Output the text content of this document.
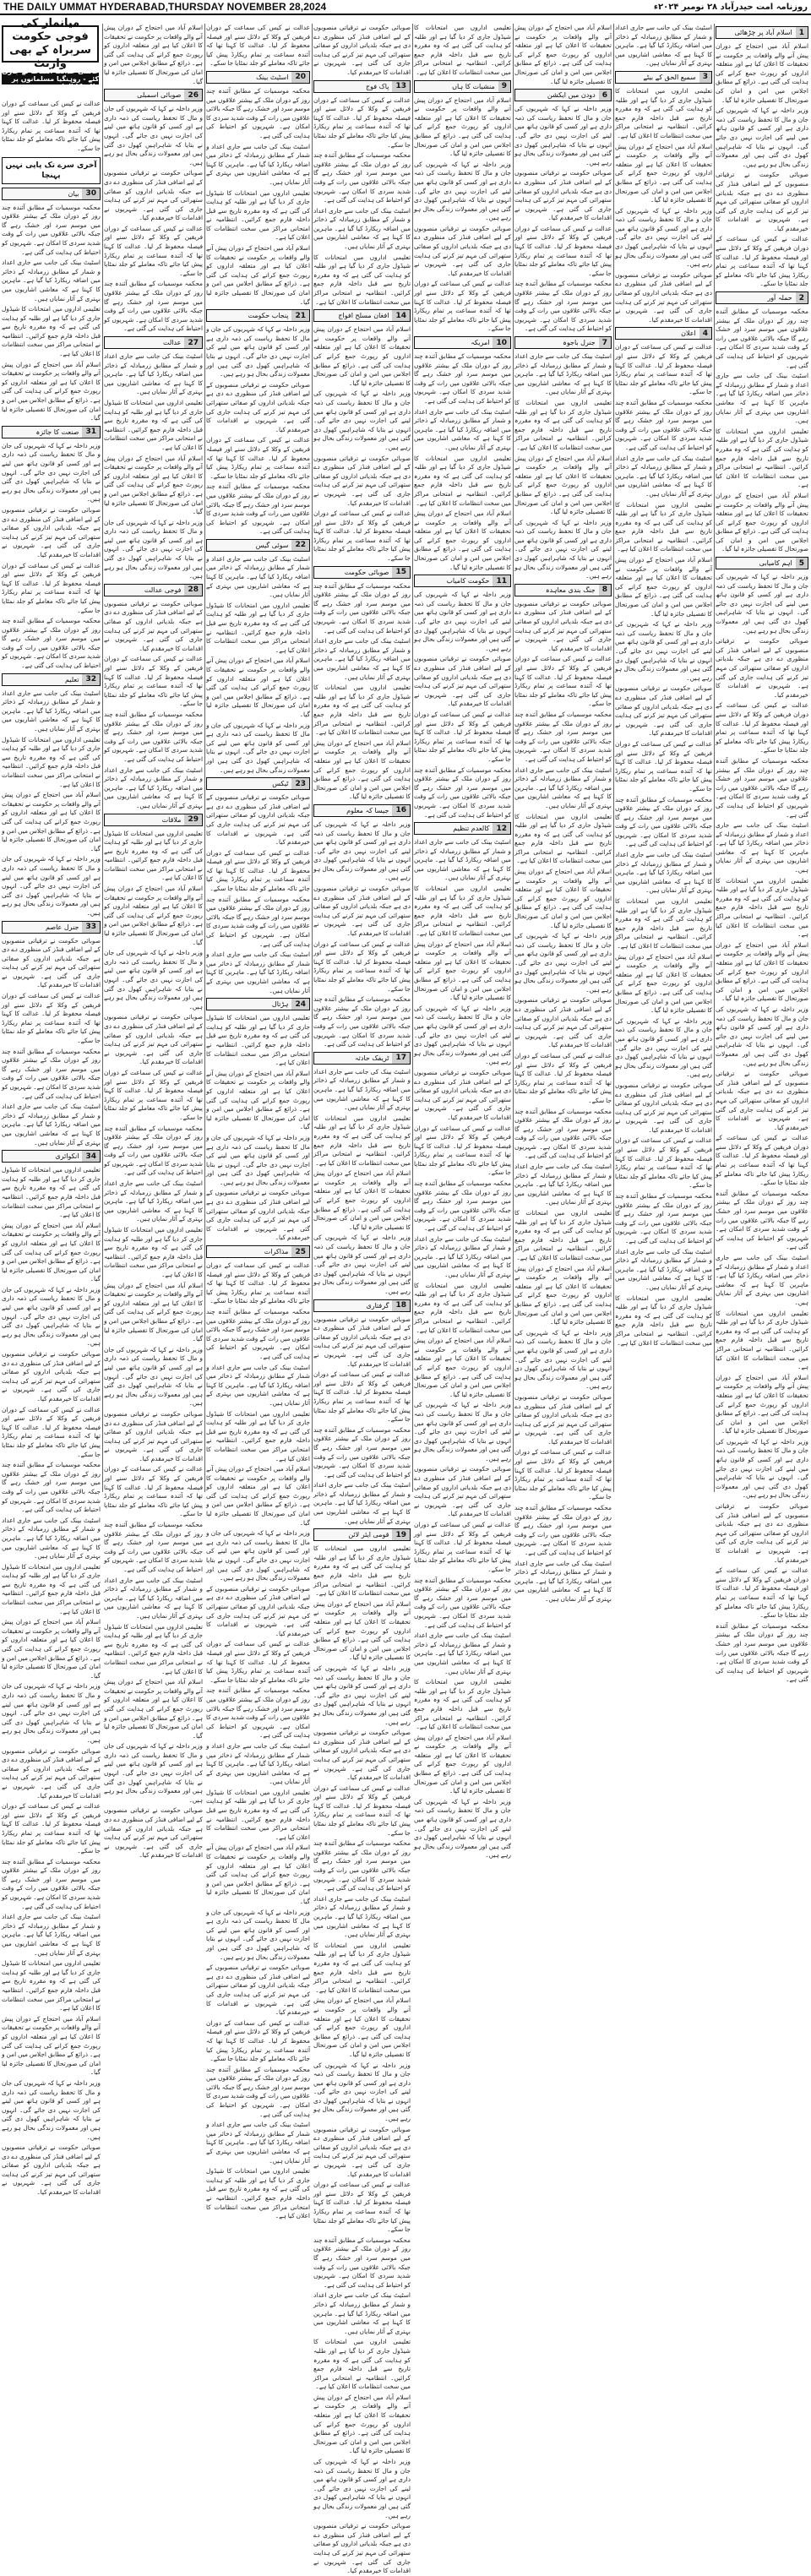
THE DAILY UMMAT HYDERABAD,THURSDAY NOVEMBER 28,2024	روزنامہ امت حیدرآباد ۲۸ نومبر ۲۰۲۴ء
1
اسلام آباد پر چڑھائی
اسلام آباد میں احتجاج کے دوران پیش آنے والے واقعات پر حکومت نے تحقیقات کا اعلان کیا ہے اور متعلقہ اداروں کو رپورٹ جمع کرانے کی ہدایت کی گئی ہے۔ ذرائع کے مطابق اجلاس میں امن و امان کی صورتحال کا تفصیلی جائزہ لیا گیا۔
وزیر داخلہ نے کہا کہ شہریوں کی جان و مال کا تحفظ ریاست کی ذمہ داری ہے اور کسی کو قانون ہاتھ میں لینے کی اجازت نہیں دی جائے گی۔ انہوں نے بتایا کہ شاہراہیں کھول دی گئی ہیں اور معمولات زندگی بحال ہو رہے ہیں۔
صوبائی حکومت نے ترقیاتی منصوبوں کے لیے اضافی فنڈز کی منظوری دے دی ہے جبکہ بلدیاتی اداروں کو صفائی ستھرائی کی مہم تیز کرنے کی ہدایت جاری کی گئی ہے۔ شہریوں نے اقدامات کا خیرمقدم کیا۔
عدالت نے کیس کی سماعت کے دوران فریقین کے وکلا کے دلائل سنے اور فیصلہ محفوظ کر لیا۔ عدالت کا کہنا تھا کہ آئندہ سماعت پر تمام ریکارڈ پیش کیا جائے تاکہ معاملے کو جلد نمٹایا جا سکے۔
2
حملہ آور
محکمہ موسمیات کے مطابق آئندہ چند روز کے دوران ملک کے بیشتر علاقوں میں موسم سرد اور خشک رہے گا جبکہ بالائی علاقوں میں رات کے وقت شدید سردی کا امکان ہے۔ شہریوں کو احتیاط کی ہدایت کی گئی ہے۔
اسٹیٹ بینک کی جانب سے جاری اعداد و شمار کے مطابق زرمبادلہ کے ذخائر میں اضافہ ریکارڈ کیا گیا ہے۔ ماہرین کا کہنا ہے کہ معاشی اشاریوں میں بہتری کے آثار نمایاں ہیں۔
تعلیمی اداروں میں امتحانات کا شیڈول جاری کر دیا گیا ہے اور طلبہ کو ہدایت کی گئی ہے کہ وہ مقررہ تاریخ سے قبل داخلہ فارم جمع کرائیں۔ انتظامیہ نے امتحانی مراکز میں سخت انتظامات کا اعلان کیا ہے۔
اسلام آباد میں احتجاج کے دوران پیش آنے والے واقعات پر حکومت نے تحقیقات کا اعلان کیا ہے اور متعلقہ اداروں کو رپورٹ جمع کرانے کی ہدایت کی گئی ہے۔ ذرائع کے مطابق اجلاس میں امن و امان کی صورتحال کا تفصیلی جائزہ لیا گیا۔
5
اہم کامیابی
وزیر داخلہ نے کہا کہ شہریوں کی جان و مال کا تحفظ ریاست کی ذمہ داری ہے اور کسی کو قانون ہاتھ میں لینے کی اجازت نہیں دی جائے گی۔ انہوں نے بتایا کہ شاہراہیں کھول دی گئی ہیں اور معمولات زندگی بحال ہو رہے ہیں۔
صوبائی حکومت نے ترقیاتی منصوبوں کے لیے اضافی فنڈز کی منظوری دے دی ہے جبکہ بلدیاتی اداروں کو صفائی ستھرائی کی مہم تیز کرنے کی ہدایت جاری کی گئی ہے۔ شہریوں نے اقدامات کا خیرمقدم کیا۔
عدالت نے کیس کی سماعت کے دوران فریقین کے وکلا کے دلائل سنے اور فیصلہ محفوظ کر لیا۔ عدالت کا کہنا تھا کہ آئندہ سماعت پر تمام ریکارڈ پیش کیا جائے تاکہ معاملے کو جلد نمٹایا جا سکے۔
محکمہ موسمیات کے مطابق آئندہ چند روز کے دوران ملک کے بیشتر علاقوں میں موسم سرد اور خشک رہے گا جبکہ بالائی علاقوں میں رات کے وقت شدید سردی کا امکان ہے۔ شہریوں کو احتیاط کی ہدایت کی گئی ہے۔
اسٹیٹ بینک کی جانب سے جاری اعداد و شمار کے مطابق زرمبادلہ کے ذخائر میں اضافہ ریکارڈ کیا گیا ہے۔ ماہرین کا کہنا ہے کہ معاشی اشاریوں میں بہتری کے آثار نمایاں ہیں۔
تعلیمی اداروں میں امتحانات کا شیڈول جاری کر دیا گیا ہے اور طلبہ کو ہدایت کی گئی ہے کہ وہ مقررہ تاریخ سے قبل داخلہ فارم جمع کرائیں۔ انتظامیہ نے امتحانی مراکز میں سخت انتظامات کا اعلان کیا ہے۔
اسلام آباد میں احتجاج کے دوران پیش آنے والے واقعات پر حکومت نے تحقیقات کا اعلان کیا ہے اور متعلقہ اداروں کو رپورٹ جمع کرانے کی ہدایت کی گئی ہے۔ ذرائع کے مطابق اجلاس میں امن و امان کی صورتحال کا تفصیلی جائزہ لیا گیا۔
وزیر داخلہ نے کہا کہ شہریوں کی جان و مال کا تحفظ ریاست کی ذمہ داری ہے اور کسی کو قانون ہاتھ میں لینے کی اجازت نہیں دی جائے گی۔ انہوں نے بتایا کہ شاہراہیں کھول دی گئی ہیں اور معمولات زندگی بحال ہو رہے ہیں۔
صوبائی حکومت نے ترقیاتی منصوبوں کے لیے اضافی فنڈز کی منظوری دے دی ہے جبکہ بلدیاتی اداروں کو صفائی ستھرائی کی مہم تیز کرنے کی ہدایت جاری کی گئی ہے۔ شہریوں نے اقدامات کا خیرمقدم کیا۔
عدالت نے کیس کی سماعت کے دوران فریقین کے وکلا کے دلائل سنے اور فیصلہ محفوظ کر لیا۔ عدالت کا کہنا تھا کہ آئندہ سماعت پر تمام ریکارڈ پیش کیا جائے تاکہ معاملے کو جلد نمٹایا جا سکے۔
محکمہ موسمیات کے مطابق آئندہ چند روز کے دوران ملک کے بیشتر علاقوں میں موسم سرد اور خشک رہے گا جبکہ بالائی علاقوں میں رات کے وقت شدید سردی کا امکان ہے۔ شہریوں کو احتیاط کی ہدایت کی گئی ہے۔
اسٹیٹ بینک کی جانب سے جاری اعداد و شمار کے مطابق زرمبادلہ کے ذخائر میں اضافہ ریکارڈ کیا گیا ہے۔ ماہرین کا کہنا ہے کہ معاشی اشاریوں میں بہتری کے آثار نمایاں ہیں۔
تعلیمی اداروں میں امتحانات کا شیڈول جاری کر دیا گیا ہے اور طلبہ کو ہدایت کی گئی ہے کہ وہ مقررہ تاریخ سے قبل داخلہ فارم جمع کرائیں۔ انتظامیہ نے امتحانی مراکز میں سخت انتظامات کا اعلان کیا ہے۔
اسلام آباد میں احتجاج کے دوران پیش آنے والے واقعات پر حکومت نے تحقیقات کا اعلان کیا ہے اور متعلقہ اداروں کو رپورٹ جمع کرانے کی ہدایت کی گئی ہے۔ ذرائع کے مطابق اجلاس میں امن و امان کی صورتحال کا تفصیلی جائزہ لیا گیا۔
وزیر داخلہ نے کہا کہ شہریوں کی جان و مال کا تحفظ ریاست کی ذمہ داری ہے اور کسی کو قانون ہاتھ میں لینے کی اجازت نہیں دی جائے گی۔ انہوں نے بتایا کہ شاہراہیں کھول دی گئی ہیں اور معمولات زندگی بحال ہو رہے ہیں۔
صوبائی حکومت نے ترقیاتی منصوبوں کے لیے اضافی فنڈز کی منظوری دے دی ہے جبکہ بلدیاتی اداروں کو صفائی ستھرائی کی مہم تیز کرنے کی ہدایت جاری کی گئی ہے۔ شہریوں نے اقدامات کا خیرمقدم کیا۔
عدالت نے کیس کی سماعت کے دوران فریقین کے وکلا کے دلائل سنے اور فیصلہ محفوظ کر لیا۔ عدالت کا کہنا تھا کہ آئندہ سماعت پر تمام ریکارڈ پیش کیا جائے تاکہ معاملے کو جلد نمٹایا جا سکے۔
محکمہ موسمیات کے مطابق آئندہ چند روز کے دوران ملک کے بیشتر علاقوں میں موسم سرد اور خشک رہے گا جبکہ بالائی علاقوں میں رات کے وقت شدید سردی کا امکان ہے۔ شہریوں کو احتیاط کی ہدایت کی گئی ہے۔
اسٹیٹ بینک کی جانب سے جاری اعداد و شمار کے مطابق زرمبادلہ کے ذخائر میں اضافہ ریکارڈ کیا گیا ہے۔ ماہرین کا کہنا ہے کہ معاشی اشاریوں میں بہتری کے آثار نمایاں ہیں۔
3
سمیع الحق کے بیٹے
تعلیمی اداروں میں امتحانات کا شیڈول جاری کر دیا گیا ہے اور طلبہ کو ہدایت کی گئی ہے کہ وہ مقررہ تاریخ سے قبل داخلہ فارم جمع کرائیں۔ انتظامیہ نے امتحانی مراکز میں سخت انتظامات کا اعلان کیا ہے۔
اسلام آباد میں احتجاج کے دوران پیش آنے والے واقعات پر حکومت نے تحقیقات کا اعلان کیا ہے اور متعلقہ اداروں کو رپورٹ جمع کرانے کی ہدایت کی گئی ہے۔ ذرائع کے مطابق اجلاس میں امن و امان کی صورتحال کا تفصیلی جائزہ لیا گیا۔
وزیر داخلہ نے کہا کہ شہریوں کی جان و مال کا تحفظ ریاست کی ذمہ داری ہے اور کسی کو قانون ہاتھ میں لینے کی اجازت نہیں دی جائے گی۔ انہوں نے بتایا کہ شاہراہیں کھول دی گئی ہیں اور معمولات زندگی بحال ہو رہے ہیں۔
صوبائی حکومت نے ترقیاتی منصوبوں کے لیے اضافی فنڈز کی منظوری دے دی ہے جبکہ بلدیاتی اداروں کو صفائی ستھرائی کی مہم تیز کرنے کی ہدایت جاری کی گئی ہے۔ شہریوں نے اقدامات کا خیرمقدم کیا۔
4
اعلان
عدالت نے کیس کی سماعت کے دوران فریقین کے وکلا کے دلائل سنے اور فیصلہ محفوظ کر لیا۔ عدالت کا کہنا تھا کہ آئندہ سماعت پر تمام ریکارڈ پیش کیا جائے تاکہ معاملے کو جلد نمٹایا جا سکے۔
محکمہ موسمیات کے مطابق آئندہ چند روز کے دوران ملک کے بیشتر علاقوں میں موسم سرد اور خشک رہے گا جبکہ بالائی علاقوں میں رات کے وقت شدید سردی کا امکان ہے۔ شہریوں کو احتیاط کی ہدایت کی گئی ہے۔
اسٹیٹ بینک کی جانب سے جاری اعداد و شمار کے مطابق زرمبادلہ کے ذخائر میں اضافہ ریکارڈ کیا گیا ہے۔ ماہرین کا کہنا ہے کہ معاشی اشاریوں میں بہتری کے آثار نمایاں ہیں۔
تعلیمی اداروں میں امتحانات کا شیڈول جاری کر دیا گیا ہے اور طلبہ کو ہدایت کی گئی ہے کہ وہ مقررہ تاریخ سے قبل داخلہ فارم جمع کرائیں۔ انتظامیہ نے امتحانی مراکز میں سخت انتظامات کا اعلان کیا ہے۔
اسلام آباد میں احتجاج کے دوران پیش آنے والے واقعات پر حکومت نے تحقیقات کا اعلان کیا ہے اور متعلقہ اداروں کو رپورٹ جمع کرانے کی ہدایت کی گئی ہے۔ ذرائع کے مطابق اجلاس میں امن و امان کی صورتحال کا تفصیلی جائزہ لیا گیا۔
وزیر داخلہ نے کہا کہ شہریوں کی جان و مال کا تحفظ ریاست کی ذمہ داری ہے اور کسی کو قانون ہاتھ میں لینے کی اجازت نہیں دی جائے گی۔ انہوں نے بتایا کہ شاہراہیں کھول دی گئی ہیں اور معمولات زندگی بحال ہو رہے ہیں۔
صوبائی حکومت نے ترقیاتی منصوبوں کے لیے اضافی فنڈز کی منظوری دے دی ہے جبکہ بلدیاتی اداروں کو صفائی ستھرائی کی مہم تیز کرنے کی ہدایت جاری کی گئی ہے۔ شہریوں نے اقدامات کا خیرمقدم کیا۔
عدالت نے کیس کی سماعت کے دوران فریقین کے وکلا کے دلائل سنے اور فیصلہ محفوظ کر لیا۔ عدالت کا کہنا تھا کہ آئندہ سماعت پر تمام ریکارڈ پیش کیا جائے تاکہ معاملے کو جلد نمٹایا جا سکے۔
محکمہ موسمیات کے مطابق آئندہ چند روز کے دوران ملک کے بیشتر علاقوں میں موسم سرد اور خشک رہے گا جبکہ بالائی علاقوں میں رات کے وقت شدید سردی کا امکان ہے۔ شہریوں کو احتیاط کی ہدایت کی گئی ہے۔
اسٹیٹ بینک کی جانب سے جاری اعداد و شمار کے مطابق زرمبادلہ کے ذخائر میں اضافہ ریکارڈ کیا گیا ہے۔ ماہرین کا کہنا ہے کہ معاشی اشاریوں میں بہتری کے آثار نمایاں ہیں۔
تعلیمی اداروں میں امتحانات کا شیڈول جاری کر دیا گیا ہے اور طلبہ کو ہدایت کی گئی ہے کہ وہ مقررہ تاریخ سے قبل داخلہ فارم جمع کرائیں۔ انتظامیہ نے امتحانی مراکز میں سخت انتظامات کا اعلان کیا ہے۔
اسلام آباد میں احتجاج کے دوران پیش آنے والے واقعات پر حکومت نے تحقیقات کا اعلان کیا ہے اور متعلقہ اداروں کو رپورٹ جمع کرانے کی ہدایت کی گئی ہے۔ ذرائع کے مطابق اجلاس میں امن و امان کی صورتحال کا تفصیلی جائزہ لیا گیا۔
وزیر داخلہ نے کہا کہ شہریوں کی جان و مال کا تحفظ ریاست کی ذمہ داری ہے اور کسی کو قانون ہاتھ میں لینے کی اجازت نہیں دی جائے گی۔ انہوں نے بتایا کہ شاہراہیں کھول دی گئی ہیں اور معمولات زندگی بحال ہو رہے ہیں۔
صوبائی حکومت نے ترقیاتی منصوبوں کے لیے اضافی فنڈز کی منظوری دے دی ہے جبکہ بلدیاتی اداروں کو صفائی ستھرائی کی مہم تیز کرنے کی ہدایت جاری کی گئی ہے۔ شہریوں نے اقدامات کا خیرمقدم کیا۔
عدالت نے کیس کی سماعت کے دوران فریقین کے وکلا کے دلائل سنے اور فیصلہ محفوظ کر لیا۔ عدالت کا کہنا تھا کہ آئندہ سماعت پر تمام ریکارڈ پیش کیا جائے تاکہ معاملے کو جلد نمٹایا جا سکے۔
محکمہ موسمیات کے مطابق آئندہ چند روز کے دوران ملک کے بیشتر علاقوں میں موسم سرد اور خشک رہے گا جبکہ بالائی علاقوں میں رات کے وقت شدید سردی کا امکان ہے۔ شہریوں کو احتیاط کی ہدایت کی گئی ہے۔
اسٹیٹ بینک کی جانب سے جاری اعداد و شمار کے مطابق زرمبادلہ کے ذخائر میں اضافہ ریکارڈ کیا گیا ہے۔ ماہرین کا کہنا ہے کہ معاشی اشاریوں میں بہتری کے آثار نمایاں ہیں۔
تعلیمی اداروں میں امتحانات کا شیڈول جاری کر دیا گیا ہے اور طلبہ کو ہدایت کی گئی ہے کہ وہ مقررہ تاریخ سے قبل داخلہ فارم جمع کرائیں۔ انتظامیہ نے امتحانی مراکز میں سخت انتظامات کا اعلان کیا ہے۔
اسلام آباد میں احتجاج کے دوران پیش آنے والے واقعات پر حکومت نے تحقیقات کا اعلان کیا ہے اور متعلقہ اداروں کو رپورٹ جمع کرانے کی ہدایت کی گئی ہے۔ ذرائع کے مطابق اجلاس میں امن و امان کی صورتحال کا تفصیلی جائزہ لیا گیا۔
6
دودن میں ایکشن
وزیر داخلہ نے کہا کہ شہریوں کی جان و مال کا تحفظ ریاست کی ذمہ داری ہے اور کسی کو قانون ہاتھ میں لینے کی اجازت نہیں دی جائے گی۔ انہوں نے بتایا کہ شاہراہیں کھول دی گئی ہیں اور معمولات زندگی بحال ہو رہے ہیں۔
صوبائی حکومت نے ترقیاتی منصوبوں کے لیے اضافی فنڈز کی منظوری دے دی ہے جبکہ بلدیاتی اداروں کو صفائی ستھرائی کی مہم تیز کرنے کی ہدایت جاری کی گئی ہے۔ شہریوں نے اقدامات کا خیرمقدم کیا۔
عدالت نے کیس کی سماعت کے دوران فریقین کے وکلا کے دلائل سنے اور فیصلہ محفوظ کر لیا۔ عدالت کا کہنا تھا کہ آئندہ سماعت پر تمام ریکارڈ پیش کیا جائے تاکہ معاملے کو جلد نمٹایا جا سکے۔
محکمہ موسمیات کے مطابق آئندہ چند روز کے دوران ملک کے بیشتر علاقوں میں موسم سرد اور خشک رہے گا جبکہ بالائی علاقوں میں رات کے وقت شدید سردی کا امکان ہے۔ شہریوں کو احتیاط کی ہدایت کی گئی ہے۔
7
جنرل باجوہ
اسٹیٹ بینک کی جانب سے جاری اعداد و شمار کے مطابق زرمبادلہ کے ذخائر میں اضافہ ریکارڈ کیا گیا ہے۔ ماہرین کا کہنا ہے کہ معاشی اشاریوں میں بہتری کے آثار نمایاں ہیں۔
تعلیمی اداروں میں امتحانات کا شیڈول جاری کر دیا گیا ہے اور طلبہ کو ہدایت کی گئی ہے کہ وہ مقررہ تاریخ سے قبل داخلہ فارم جمع کرائیں۔ انتظامیہ نے امتحانی مراکز میں سخت انتظامات کا اعلان کیا ہے۔
اسلام آباد میں احتجاج کے دوران پیش آنے والے واقعات پر حکومت نے تحقیقات کا اعلان کیا ہے اور متعلقہ اداروں کو رپورٹ جمع کرانے کی ہدایت کی گئی ہے۔ ذرائع کے مطابق اجلاس میں امن و امان کی صورتحال کا تفصیلی جائزہ لیا گیا۔
وزیر داخلہ نے کہا کہ شہریوں کی جان و مال کا تحفظ ریاست کی ذمہ داری ہے اور کسی کو قانون ہاتھ میں لینے کی اجازت نہیں دی جائے گی۔ انہوں نے بتایا کہ شاہراہیں کھول دی گئی ہیں اور معمولات زندگی بحال ہو رہے ہیں۔
8
جنگ بندی معاہدہ
صوبائی حکومت نے ترقیاتی منصوبوں کے لیے اضافی فنڈز کی منظوری دے دی ہے جبکہ بلدیاتی اداروں کو صفائی ستھرائی کی مہم تیز کرنے کی ہدایت جاری کی گئی ہے۔ شہریوں نے اقدامات کا خیرمقدم کیا۔
عدالت نے کیس کی سماعت کے دوران فریقین کے وکلا کے دلائل سنے اور فیصلہ محفوظ کر لیا۔ عدالت کا کہنا تھا کہ آئندہ سماعت پر تمام ریکارڈ پیش کیا جائے تاکہ معاملے کو جلد نمٹایا جا سکے۔
محکمہ موسمیات کے مطابق آئندہ چند روز کے دوران ملک کے بیشتر علاقوں میں موسم سرد اور خشک رہے گا جبکہ بالائی علاقوں میں رات کے وقت شدید سردی کا امکان ہے۔ شہریوں کو احتیاط کی ہدایت کی گئی ہے۔
اسٹیٹ بینک کی جانب سے جاری اعداد و شمار کے مطابق زرمبادلہ کے ذخائر میں اضافہ ریکارڈ کیا گیا ہے۔ ماہرین کا کہنا ہے کہ معاشی اشاریوں میں بہتری کے آثار نمایاں ہیں۔
تعلیمی اداروں میں امتحانات کا شیڈول جاری کر دیا گیا ہے اور طلبہ کو ہدایت کی گئی ہے کہ وہ مقررہ تاریخ سے قبل داخلہ فارم جمع کرائیں۔ انتظامیہ نے امتحانی مراکز میں سخت انتظامات کا اعلان کیا ہے۔
اسلام آباد میں احتجاج کے دوران پیش آنے والے واقعات پر حکومت نے تحقیقات کا اعلان کیا ہے اور متعلقہ اداروں کو رپورٹ جمع کرانے کی ہدایت کی گئی ہے۔ ذرائع کے مطابق اجلاس میں امن و امان کی صورتحال کا تفصیلی جائزہ لیا گیا۔
وزیر داخلہ نے کہا کہ شہریوں کی جان و مال کا تحفظ ریاست کی ذمہ داری ہے اور کسی کو قانون ہاتھ میں لینے کی اجازت نہیں دی جائے گی۔ انہوں نے بتایا کہ شاہراہیں کھول دی گئی ہیں اور معمولات زندگی بحال ہو رہے ہیں۔
صوبائی حکومت نے ترقیاتی منصوبوں کے لیے اضافی فنڈز کی منظوری دے دی ہے جبکہ بلدیاتی اداروں کو صفائی ستھرائی کی مہم تیز کرنے کی ہدایت جاری کی گئی ہے۔ شہریوں نے اقدامات کا خیرمقدم کیا۔
عدالت نے کیس کی سماعت کے دوران فریقین کے وکلا کے دلائل سنے اور فیصلہ محفوظ کر لیا۔ عدالت کا کہنا تھا کہ آئندہ سماعت پر تمام ریکارڈ پیش کیا جائے تاکہ معاملے کو جلد نمٹایا جا سکے۔
محکمہ موسمیات کے مطابق آئندہ چند روز کے دوران ملک کے بیشتر علاقوں میں موسم سرد اور خشک رہے گا جبکہ بالائی علاقوں میں رات کے وقت شدید سردی کا امکان ہے۔ شہریوں کو احتیاط کی ہدایت کی گئی ہے۔
اسٹیٹ بینک کی جانب سے جاری اعداد و شمار کے مطابق زرمبادلہ کے ذخائر میں اضافہ ریکارڈ کیا گیا ہے۔ ماہرین کا کہنا ہے کہ معاشی اشاریوں میں بہتری کے آثار نمایاں ہیں۔
تعلیمی اداروں میں امتحانات کا شیڈول جاری کر دیا گیا ہے اور طلبہ کو ہدایت کی گئی ہے کہ وہ مقررہ تاریخ سے قبل داخلہ فارم جمع کرائیں۔ انتظامیہ نے امتحانی مراکز میں سخت انتظامات کا اعلان کیا ہے۔
اسلام آباد میں احتجاج کے دوران پیش آنے والے واقعات پر حکومت نے تحقیقات کا اعلان کیا ہے اور متعلقہ اداروں کو رپورٹ جمع کرانے کی ہدایت کی گئی ہے۔ ذرائع کے مطابق اجلاس میں امن و امان کی صورتحال کا تفصیلی جائزہ لیا گیا۔
وزیر داخلہ نے کہا کہ شہریوں کی جان و مال کا تحفظ ریاست کی ذمہ داری ہے اور کسی کو قانون ہاتھ میں لینے کی اجازت نہیں دی جائے گی۔ انہوں نے بتایا کہ شاہراہیں کھول دی گئی ہیں اور معمولات زندگی بحال ہو رہے ہیں۔
صوبائی حکومت نے ترقیاتی منصوبوں کے لیے اضافی فنڈز کی منظوری دے دی ہے جبکہ بلدیاتی اداروں کو صفائی ستھرائی کی مہم تیز کرنے کی ہدایت جاری کی گئی ہے۔ شہریوں نے اقدامات کا خیرمقدم کیا۔
عدالت نے کیس کی سماعت کے دوران فریقین کے وکلا کے دلائل سنے اور فیصلہ محفوظ کر لیا۔ عدالت کا کہنا تھا کہ آئندہ سماعت پر تمام ریکارڈ پیش کیا جائے تاکہ معاملے کو جلد نمٹایا جا سکے۔
محکمہ موسمیات کے مطابق آئندہ چند روز کے دوران ملک کے بیشتر علاقوں میں موسم سرد اور خشک رہے گا جبکہ بالائی علاقوں میں رات کے وقت شدید سردی کا امکان ہے۔ شہریوں کو احتیاط کی ہدایت کی گئی ہے۔
اسٹیٹ بینک کی جانب سے جاری اعداد و شمار کے مطابق زرمبادلہ کے ذخائر میں اضافہ ریکارڈ کیا گیا ہے۔ ماہرین کا کہنا ہے کہ معاشی اشاریوں میں بہتری کے آثار نمایاں ہیں۔
تعلیمی اداروں میں امتحانات کا شیڈول جاری کر دیا گیا ہے اور طلبہ کو ہدایت کی گئی ہے کہ وہ مقررہ تاریخ سے قبل داخلہ فارم جمع کرائیں۔ انتظامیہ نے امتحانی مراکز میں سخت انتظامات کا اعلان کیا ہے۔
9
منشیات کا ہاں
اسلام آباد میں احتجاج کے دوران پیش آنے والے واقعات پر حکومت نے تحقیقات کا اعلان کیا ہے اور متعلقہ اداروں کو رپورٹ جمع کرانے کی ہدایت کی گئی ہے۔ ذرائع کے مطابق اجلاس میں امن و امان کی صورتحال کا تفصیلی جائزہ لیا گیا۔
وزیر داخلہ نے کہا کہ شہریوں کی جان و مال کا تحفظ ریاست کی ذمہ داری ہے اور کسی کو قانون ہاتھ میں لینے کی اجازت نہیں دی جائے گی۔ انہوں نے بتایا کہ شاہراہیں کھول دی گئی ہیں اور معمولات زندگی بحال ہو رہے ہیں۔
صوبائی حکومت نے ترقیاتی منصوبوں کے لیے اضافی فنڈز کی منظوری دے دی ہے جبکہ بلدیاتی اداروں کو صفائی ستھرائی کی مہم تیز کرنے کی ہدایت جاری کی گئی ہے۔ شہریوں نے اقدامات کا خیرمقدم کیا۔
عدالت نے کیس کی سماعت کے دوران فریقین کے وکلا کے دلائل سنے اور فیصلہ محفوظ کر لیا۔ عدالت کا کہنا تھا کہ آئندہ سماعت پر تمام ریکارڈ پیش کیا جائے تاکہ معاملے کو جلد نمٹایا جا سکے۔
10
امریکہ
محکمہ موسمیات کے مطابق آئندہ چند روز کے دوران ملک کے بیشتر علاقوں میں موسم سرد اور خشک رہے گا جبکہ بالائی علاقوں میں رات کے وقت شدید سردی کا امکان ہے۔ شہریوں کو احتیاط کی ہدایت کی گئی ہے۔
اسٹیٹ بینک کی جانب سے جاری اعداد و شمار کے مطابق زرمبادلہ کے ذخائر میں اضافہ ریکارڈ کیا گیا ہے۔ ماہرین کا کہنا ہے کہ معاشی اشاریوں میں بہتری کے آثار نمایاں ہیں۔
تعلیمی اداروں میں امتحانات کا شیڈول جاری کر دیا گیا ہے اور طلبہ کو ہدایت کی گئی ہے کہ وہ مقررہ تاریخ سے قبل داخلہ فارم جمع کرائیں۔ انتظامیہ نے امتحانی مراکز میں سخت انتظامات کا اعلان کیا ہے۔
اسلام آباد میں احتجاج کے دوران پیش آنے والے واقعات پر حکومت نے تحقیقات کا اعلان کیا ہے اور متعلقہ اداروں کو رپورٹ جمع کرانے کی ہدایت کی گئی ہے۔ ذرائع کے مطابق اجلاس میں امن و امان کی صورتحال کا تفصیلی جائزہ لیا گیا۔
11
حکومت کامیاب
وزیر داخلہ نے کہا کہ شہریوں کی جان و مال کا تحفظ ریاست کی ذمہ داری ہے اور کسی کو قانون ہاتھ میں لینے کی اجازت نہیں دی جائے گی۔ انہوں نے بتایا کہ شاہراہیں کھول دی گئی ہیں اور معمولات زندگی بحال ہو رہے ہیں۔
صوبائی حکومت نے ترقیاتی منصوبوں کے لیے اضافی فنڈز کی منظوری دے دی ہے جبکہ بلدیاتی اداروں کو صفائی ستھرائی کی مہم تیز کرنے کی ہدایت جاری کی گئی ہے۔ شہریوں نے اقدامات کا خیرمقدم کیا۔
عدالت نے کیس کی سماعت کے دوران فریقین کے وکلا کے دلائل سنے اور فیصلہ محفوظ کر لیا۔ عدالت کا کہنا تھا کہ آئندہ سماعت پر تمام ریکارڈ پیش کیا جائے تاکہ معاملے کو جلد نمٹایا جا سکے۔
محکمہ موسمیات کے مطابق آئندہ چند روز کے دوران ملک کے بیشتر علاقوں میں موسم سرد اور خشک رہے گا جبکہ بالائی علاقوں میں رات کے وقت شدید سردی کا امکان ہے۔ شہریوں کو احتیاط کی ہدایت کی گئی ہے۔
12
کالعدم تنظیم
اسٹیٹ بینک کی جانب سے جاری اعداد و شمار کے مطابق زرمبادلہ کے ذخائر میں اضافہ ریکارڈ کیا گیا ہے۔ ماہرین کا کہنا ہے کہ معاشی اشاریوں میں بہتری کے آثار نمایاں ہیں۔
تعلیمی اداروں میں امتحانات کا شیڈول جاری کر دیا گیا ہے اور طلبہ کو ہدایت کی گئی ہے کہ وہ مقررہ تاریخ سے قبل داخلہ فارم جمع کرائیں۔ انتظامیہ نے امتحانی مراکز میں سخت انتظامات کا اعلان کیا ہے۔
اسلام آباد میں احتجاج کے دوران پیش آنے والے واقعات پر حکومت نے تحقیقات کا اعلان کیا ہے اور متعلقہ اداروں کو رپورٹ جمع کرانے کی ہدایت کی گئی ہے۔ ذرائع کے مطابق اجلاس میں امن و امان کی صورتحال کا تفصیلی جائزہ لیا گیا۔
وزیر داخلہ نے کہا کہ شہریوں کی جان و مال کا تحفظ ریاست کی ذمہ داری ہے اور کسی کو قانون ہاتھ میں لینے کی اجازت نہیں دی جائے گی۔ انہوں نے بتایا کہ شاہراہیں کھول دی گئی ہیں اور معمولات زندگی بحال ہو رہے ہیں۔
صوبائی حکومت نے ترقیاتی منصوبوں کے لیے اضافی فنڈز کی منظوری دے دی ہے جبکہ بلدیاتی اداروں کو صفائی ستھرائی کی مہم تیز کرنے کی ہدایت جاری کی گئی ہے۔ شہریوں نے اقدامات کا خیرمقدم کیا۔
عدالت نے کیس کی سماعت کے دوران فریقین کے وکلا کے دلائل سنے اور فیصلہ محفوظ کر لیا۔ عدالت کا کہنا تھا کہ آئندہ سماعت پر تمام ریکارڈ پیش کیا جائے تاکہ معاملے کو جلد نمٹایا جا سکے۔
محکمہ موسمیات کے مطابق آئندہ چند روز کے دوران ملک کے بیشتر علاقوں میں موسم سرد اور خشک رہے گا جبکہ بالائی علاقوں میں رات کے وقت شدید سردی کا امکان ہے۔ شہریوں کو احتیاط کی ہدایت کی گئی ہے۔
اسٹیٹ بینک کی جانب سے جاری اعداد و شمار کے مطابق زرمبادلہ کے ذخائر میں اضافہ ریکارڈ کیا گیا ہے۔ ماہرین کا کہنا ہے کہ معاشی اشاریوں میں بہتری کے آثار نمایاں ہیں۔
تعلیمی اداروں میں امتحانات کا شیڈول جاری کر دیا گیا ہے اور طلبہ کو ہدایت کی گئی ہے کہ وہ مقررہ تاریخ سے قبل داخلہ فارم جمع کرائیں۔ انتظامیہ نے امتحانی مراکز میں سخت انتظامات کا اعلان کیا ہے۔
اسلام آباد میں احتجاج کے دوران پیش آنے والے واقعات پر حکومت نے تحقیقات کا اعلان کیا ہے اور متعلقہ اداروں کو رپورٹ جمع کرانے کی ہدایت کی گئی ہے۔ ذرائع کے مطابق اجلاس میں امن و امان کی صورتحال کا تفصیلی جائزہ لیا گیا۔
وزیر داخلہ نے کہا کہ شہریوں کی جان و مال کا تحفظ ریاست کی ذمہ داری ہے اور کسی کو قانون ہاتھ میں لینے کی اجازت نہیں دی جائے گی۔ انہوں نے بتایا کہ شاہراہیں کھول دی گئی ہیں اور معمولات زندگی بحال ہو رہے ہیں۔
صوبائی حکومت نے ترقیاتی منصوبوں کے لیے اضافی فنڈز کی منظوری دے دی ہے جبکہ بلدیاتی اداروں کو صفائی ستھرائی کی مہم تیز کرنے کی ہدایت جاری کی گئی ہے۔ شہریوں نے اقدامات کا خیرمقدم کیا۔
عدالت نے کیس کی سماعت کے دوران فریقین کے وکلا کے دلائل سنے اور فیصلہ محفوظ کر لیا۔ عدالت کا کہنا تھا کہ آئندہ سماعت پر تمام ریکارڈ پیش کیا جائے تاکہ معاملے کو جلد نمٹایا جا سکے۔
محکمہ موسمیات کے مطابق آئندہ چند روز کے دوران ملک کے بیشتر علاقوں میں موسم سرد اور خشک رہے گا جبکہ بالائی علاقوں میں رات کے وقت شدید سردی کا امکان ہے۔ شہریوں کو احتیاط کی ہدایت کی گئی ہے۔
اسٹیٹ بینک کی جانب سے جاری اعداد و شمار کے مطابق زرمبادلہ کے ذخائر میں اضافہ ریکارڈ کیا گیا ہے۔ ماہرین کا کہنا ہے کہ معاشی اشاریوں میں بہتری کے آثار نمایاں ہیں۔
تعلیمی اداروں میں امتحانات کا شیڈول جاری کر دیا گیا ہے اور طلبہ کو ہدایت کی گئی ہے کہ وہ مقررہ تاریخ سے قبل داخلہ فارم جمع کرائیں۔ انتظامیہ نے امتحانی مراکز میں سخت انتظامات کا اعلان کیا ہے۔
اسلام آباد میں احتجاج کے دوران پیش آنے والے واقعات پر حکومت نے تحقیقات کا اعلان کیا ہے اور متعلقہ اداروں کو رپورٹ جمع کرانے کی ہدایت کی گئی ہے۔ ذرائع کے مطابق اجلاس میں امن و امان کی صورتحال کا تفصیلی جائزہ لیا گیا۔
وزیر داخلہ نے کہا کہ شہریوں کی جان و مال کا تحفظ ریاست کی ذمہ داری ہے اور کسی کو قانون ہاتھ میں لینے کی اجازت نہیں دی جائے گی۔ انہوں نے بتایا کہ شاہراہیں کھول دی گئی ہیں اور معمولات زندگی بحال ہو رہے ہیں۔
صوبائی حکومت نے ترقیاتی منصوبوں کے لیے اضافی فنڈز کی منظوری دے دی ہے جبکہ بلدیاتی اداروں کو صفائی ستھرائی کی مہم تیز کرنے کی ہدایت جاری کی گئی ہے۔ شہریوں نے اقدامات کا خیرمقدم کیا۔
13
پاک فوج
عدالت نے کیس کی سماعت کے دوران فریقین کے وکلا کے دلائل سنے اور فیصلہ محفوظ کر لیا۔ عدالت کا کہنا تھا کہ آئندہ سماعت پر تمام ریکارڈ پیش کیا جائے تاکہ معاملے کو جلد نمٹایا جا سکے۔
محکمہ موسمیات کے مطابق آئندہ چند روز کے دوران ملک کے بیشتر علاقوں میں موسم سرد اور خشک رہے گا جبکہ بالائی علاقوں میں رات کے وقت شدید سردی کا امکان ہے۔ شہریوں کو احتیاط کی ہدایت کی گئی ہے۔
اسٹیٹ بینک کی جانب سے جاری اعداد و شمار کے مطابق زرمبادلہ کے ذخائر میں اضافہ ریکارڈ کیا گیا ہے۔ ماہرین کا کہنا ہے کہ معاشی اشاریوں میں بہتری کے آثار نمایاں ہیں۔
تعلیمی اداروں میں امتحانات کا شیڈول جاری کر دیا گیا ہے اور طلبہ کو ہدایت کی گئی ہے کہ وہ مقررہ تاریخ سے قبل داخلہ فارم جمع کرائیں۔ انتظامیہ نے امتحانی مراکز میں سخت انتظامات کا اعلان کیا ہے۔
14
افغان مسلح افواج
اسلام آباد میں احتجاج کے دوران پیش آنے والے واقعات پر حکومت نے تحقیقات کا اعلان کیا ہے اور متعلقہ اداروں کو رپورٹ جمع کرانے کی ہدایت کی گئی ہے۔ ذرائع کے مطابق اجلاس میں امن و امان کی صورتحال کا تفصیلی جائزہ لیا گیا۔
وزیر داخلہ نے کہا کہ شہریوں کی جان و مال کا تحفظ ریاست کی ذمہ داری ہے اور کسی کو قانون ہاتھ میں لینے کی اجازت نہیں دی جائے گی۔ انہوں نے بتایا کہ شاہراہیں کھول دی گئی ہیں اور معمولات زندگی بحال ہو رہے ہیں۔
صوبائی حکومت نے ترقیاتی منصوبوں کے لیے اضافی فنڈز کی منظوری دے دی ہے جبکہ بلدیاتی اداروں کو صفائی ستھرائی کی مہم تیز کرنے کی ہدایت جاری کی گئی ہے۔ شہریوں نے اقدامات کا خیرمقدم کیا۔
عدالت نے کیس کی سماعت کے دوران فریقین کے وکلا کے دلائل سنے اور فیصلہ محفوظ کر لیا۔ عدالت کا کہنا تھا کہ آئندہ سماعت پر تمام ریکارڈ پیش کیا جائے تاکہ معاملے کو جلد نمٹایا جا سکے۔
15
صوبائی حکومت
محکمہ موسمیات کے مطابق آئندہ چند روز کے دوران ملک کے بیشتر علاقوں میں موسم سرد اور خشک رہے گا جبکہ بالائی علاقوں میں رات کے وقت شدید سردی کا امکان ہے۔ شہریوں کو احتیاط کی ہدایت کی گئی ہے۔
اسٹیٹ بینک کی جانب سے جاری اعداد و شمار کے مطابق زرمبادلہ کے ذخائر میں اضافہ ریکارڈ کیا گیا ہے۔ ماہرین کا کہنا ہے کہ معاشی اشاریوں میں بہتری کے آثار نمایاں ہیں۔
تعلیمی اداروں میں امتحانات کا شیڈول جاری کر دیا گیا ہے اور طلبہ کو ہدایت کی گئی ہے کہ وہ مقررہ تاریخ سے قبل داخلہ فارم جمع کرائیں۔ انتظامیہ نے امتحانی مراکز میں سخت انتظامات کا اعلان کیا ہے۔
اسلام آباد میں احتجاج کے دوران پیش آنے والے واقعات پر حکومت نے تحقیقات کا اعلان کیا ہے اور متعلقہ اداروں کو رپورٹ جمع کرانے کی ہدایت کی گئی ہے۔ ذرائع کے مطابق اجلاس میں امن و امان کی صورتحال کا تفصیلی جائزہ لیا گیا۔
16
جیسا کہ معلوم
وزیر داخلہ نے کہا کہ شہریوں کی جان و مال کا تحفظ ریاست کی ذمہ داری ہے اور کسی کو قانون ہاتھ میں لینے کی اجازت نہیں دی جائے گی۔ انہوں نے بتایا کہ شاہراہیں کھول دی گئی ہیں اور معمولات زندگی بحال ہو رہے ہیں۔
صوبائی حکومت نے ترقیاتی منصوبوں کے لیے اضافی فنڈز کی منظوری دے دی ہے جبکہ بلدیاتی اداروں کو صفائی ستھرائی کی مہم تیز کرنے کی ہدایت جاری کی گئی ہے۔ شہریوں نے اقدامات کا خیرمقدم کیا۔
عدالت نے کیس کی سماعت کے دوران فریقین کے وکلا کے دلائل سنے اور فیصلہ محفوظ کر لیا۔ عدالت کا کہنا تھا کہ آئندہ سماعت پر تمام ریکارڈ پیش کیا جائے تاکہ معاملے کو جلد نمٹایا جا سکے۔
محکمہ موسمیات کے مطابق آئندہ چند روز کے دوران ملک کے بیشتر علاقوں میں موسم سرد اور خشک رہے گا جبکہ بالائی علاقوں میں رات کے وقت شدید سردی کا امکان ہے۔ شہریوں کو احتیاط کی ہدایت کی گئی ہے۔
17
ٹریفک حادثہ
اسٹیٹ بینک کی جانب سے جاری اعداد و شمار کے مطابق زرمبادلہ کے ذخائر میں اضافہ ریکارڈ کیا گیا ہے۔ ماہرین کا کہنا ہے کہ معاشی اشاریوں میں بہتری کے آثار نمایاں ہیں۔
تعلیمی اداروں میں امتحانات کا شیڈول جاری کر دیا گیا ہے اور طلبہ کو ہدایت کی گئی ہے کہ وہ مقررہ تاریخ سے قبل داخلہ فارم جمع کرائیں۔ انتظامیہ نے امتحانی مراکز میں سخت انتظامات کا اعلان کیا ہے۔
اسلام آباد میں احتجاج کے دوران پیش آنے والے واقعات پر حکومت نے تحقیقات کا اعلان کیا ہے اور متعلقہ اداروں کو رپورٹ جمع کرانے کی ہدایت کی گئی ہے۔ ذرائع کے مطابق اجلاس میں امن و امان کی صورتحال کا تفصیلی جائزہ لیا گیا۔
وزیر داخلہ نے کہا کہ شہریوں کی جان و مال کا تحفظ ریاست کی ذمہ داری ہے اور کسی کو قانون ہاتھ میں لینے کی اجازت نہیں دی جائے گی۔ انہوں نے بتایا کہ شاہراہیں کھول دی گئی ہیں اور معمولات زندگی بحال ہو رہے ہیں۔
18
گرفتاری
صوبائی حکومت نے ترقیاتی منصوبوں کے لیے اضافی فنڈز کی منظوری دے دی ہے جبکہ بلدیاتی اداروں کو صفائی ستھرائی کی مہم تیز کرنے کی ہدایت جاری کی گئی ہے۔ شہریوں نے اقدامات کا خیرمقدم کیا۔
عدالت نے کیس کی سماعت کے دوران فریقین کے وکلا کے دلائل سنے اور فیصلہ محفوظ کر لیا۔ عدالت کا کہنا تھا کہ آئندہ سماعت پر تمام ریکارڈ پیش کیا جائے تاکہ معاملے کو جلد نمٹایا جا سکے۔
محکمہ موسمیات کے مطابق آئندہ چند روز کے دوران ملک کے بیشتر علاقوں میں موسم سرد اور خشک رہے گا جبکہ بالائی علاقوں میں رات کے وقت شدید سردی کا امکان ہے۔ شہریوں کو احتیاط کی ہدایت کی گئی ہے۔
اسٹیٹ بینک کی جانب سے جاری اعداد و شمار کے مطابق زرمبادلہ کے ذخائر میں اضافہ ریکارڈ کیا گیا ہے۔ ماہرین کا کہنا ہے کہ معاشی اشاریوں میں بہتری کے آثار نمایاں ہیں۔
19
قومی ایئر لائن
تعلیمی اداروں میں امتحانات کا شیڈول جاری کر دیا گیا ہے اور طلبہ کو ہدایت کی گئی ہے کہ وہ مقررہ تاریخ سے قبل داخلہ فارم جمع کرائیں۔ انتظامیہ نے امتحانی مراکز میں سخت انتظامات کا اعلان کیا ہے۔
اسلام آباد میں احتجاج کے دوران پیش آنے والے واقعات پر حکومت نے تحقیقات کا اعلان کیا ہے اور متعلقہ اداروں کو رپورٹ جمع کرانے کی ہدایت کی گئی ہے۔ ذرائع کے مطابق اجلاس میں امن و امان کی صورتحال کا تفصیلی جائزہ لیا گیا۔
وزیر داخلہ نے کہا کہ شہریوں کی جان و مال کا تحفظ ریاست کی ذمہ داری ہے اور کسی کو قانون ہاتھ میں لینے کی اجازت نہیں دی جائے گی۔ انہوں نے بتایا کہ شاہراہیں کھول دی گئی ہیں اور معمولات زندگی بحال ہو رہے ہیں۔
صوبائی حکومت نے ترقیاتی منصوبوں کے لیے اضافی فنڈز کی منظوری دے دی ہے جبکہ بلدیاتی اداروں کو صفائی ستھرائی کی مہم تیز کرنے کی ہدایت جاری کی گئی ہے۔ شہریوں نے اقدامات کا خیرمقدم کیا۔
عدالت نے کیس کی سماعت کے دوران فریقین کے وکلا کے دلائل سنے اور فیصلہ محفوظ کر لیا۔ عدالت کا کہنا تھا کہ آئندہ سماعت پر تمام ریکارڈ پیش کیا جائے تاکہ معاملے کو جلد نمٹایا جا سکے۔
محکمہ موسمیات کے مطابق آئندہ چند روز کے دوران ملک کے بیشتر علاقوں میں موسم سرد اور خشک رہے گا جبکہ بالائی علاقوں میں رات کے وقت شدید سردی کا امکان ہے۔ شہریوں کو احتیاط کی ہدایت کی گئی ہے۔
اسٹیٹ بینک کی جانب سے جاری اعداد و شمار کے مطابق زرمبادلہ کے ذخائر میں اضافہ ریکارڈ کیا گیا ہے۔ ماہرین کا کہنا ہے کہ معاشی اشاریوں میں بہتری کے آثار نمایاں ہیں۔
تعلیمی اداروں میں امتحانات کا شیڈول جاری کر دیا گیا ہے اور طلبہ کو ہدایت کی گئی ہے کہ وہ مقررہ تاریخ سے قبل داخلہ فارم جمع کرائیں۔ انتظامیہ نے امتحانی مراکز میں سخت انتظامات کا اعلان کیا ہے۔
اسلام آباد میں احتجاج کے دوران پیش آنے والے واقعات پر حکومت نے تحقیقات کا اعلان کیا ہے اور متعلقہ اداروں کو رپورٹ جمع کرانے کی ہدایت کی گئی ہے۔ ذرائع کے مطابق اجلاس میں امن و امان کی صورتحال کا تفصیلی جائزہ لیا گیا۔
وزیر داخلہ نے کہا کہ شہریوں کی جان و مال کا تحفظ ریاست کی ذمہ داری ہے اور کسی کو قانون ہاتھ میں لینے کی اجازت نہیں دی جائے گی۔ انہوں نے بتایا کہ شاہراہیں کھول دی گئی ہیں اور معمولات زندگی بحال ہو رہے ہیں۔
صوبائی حکومت نے ترقیاتی منصوبوں کے لیے اضافی فنڈز کی منظوری دے دی ہے جبکہ بلدیاتی اداروں کو صفائی ستھرائی کی مہم تیز کرنے کی ہدایت جاری کی گئی ہے۔ شہریوں نے اقدامات کا خیرمقدم کیا۔
عدالت نے کیس کی سماعت کے دوران فریقین کے وکلا کے دلائل سنے اور فیصلہ محفوظ کر لیا۔ عدالت کا کہنا تھا کہ آئندہ سماعت پر تمام ریکارڈ پیش کیا جائے تاکہ معاملے کو جلد نمٹایا جا سکے۔
محکمہ موسمیات کے مطابق آئندہ چند روز کے دوران ملک کے بیشتر علاقوں میں موسم سرد اور خشک رہے گا جبکہ بالائی علاقوں میں رات کے وقت شدید سردی کا امکان ہے۔ شہریوں کو احتیاط کی ہدایت کی گئی ہے۔
اسٹیٹ بینک کی جانب سے جاری اعداد و شمار کے مطابق زرمبادلہ کے ذخائر میں اضافہ ریکارڈ کیا گیا ہے۔ ماہرین کا کہنا ہے کہ معاشی اشاریوں میں بہتری کے آثار نمایاں ہیں۔
تعلیمی اداروں میں امتحانات کا شیڈول جاری کر دیا گیا ہے اور طلبہ کو ہدایت کی گئی ہے کہ وہ مقررہ تاریخ سے قبل داخلہ فارم جمع کرائیں۔ انتظامیہ نے امتحانی مراکز میں سخت انتظامات کا اعلان کیا ہے۔
اسلام آباد میں احتجاج کے دوران پیش آنے والے واقعات پر حکومت نے تحقیقات کا اعلان کیا ہے اور متعلقہ اداروں کو رپورٹ جمع کرانے کی ہدایت کی گئی ہے۔ ذرائع کے مطابق اجلاس میں امن و امان کی صورتحال کا تفصیلی جائزہ لیا گیا۔
وزیر داخلہ نے کہا کہ شہریوں کی جان و مال کا تحفظ ریاست کی ذمہ داری ہے اور کسی کو قانون ہاتھ میں لینے کی اجازت نہیں دی جائے گی۔ انہوں نے بتایا کہ شاہراہیں کھول دی گئی ہیں اور معمولات زندگی بحال ہو رہے ہیں۔
صوبائی حکومت نے ترقیاتی منصوبوں کے لیے اضافی فنڈز کی منظوری دے دی ہے جبکہ بلدیاتی اداروں کو صفائی ستھرائی کی مہم تیز کرنے کی ہدایت جاری کی گئی ہے۔ شہریوں نے اقدامات کا خیرمقدم کیا۔
عدالت نے کیس کی سماعت کے دوران فریقین کے وکلا کے دلائل سنے اور فیصلہ محفوظ کر لیا۔ عدالت کا کہنا تھا کہ آئندہ سماعت پر تمام ریکارڈ پیش کیا جائے تاکہ معاملے کو جلد نمٹایا جا سکے۔
20
اسٹیٹ بینک
محکمہ موسمیات کے مطابق آئندہ چند روز کے دوران ملک کے بیشتر علاقوں میں موسم سرد اور خشک رہے گا جبکہ بالائی علاقوں میں رات کے وقت شدید سردی کا امکان ہے۔ شہریوں کو احتیاط کی ہدایت کی گئی ہے۔
اسٹیٹ بینک کی جانب سے جاری اعداد و شمار کے مطابق زرمبادلہ کے ذخائر میں اضافہ ریکارڈ کیا گیا ہے۔ ماہرین کا کہنا ہے کہ معاشی اشاریوں میں بہتری کے آثار نمایاں ہیں۔
تعلیمی اداروں میں امتحانات کا شیڈول جاری کر دیا گیا ہے اور طلبہ کو ہدایت کی گئی ہے کہ وہ مقررہ تاریخ سے قبل داخلہ فارم جمع کرائیں۔ انتظامیہ نے امتحانی مراکز میں سخت انتظامات کا اعلان کیا ہے۔
اسلام آباد میں احتجاج کے دوران پیش آنے والے واقعات پر حکومت نے تحقیقات کا اعلان کیا ہے اور متعلقہ اداروں کو رپورٹ جمع کرانے کی ہدایت کی گئی ہے۔ ذرائع کے مطابق اجلاس میں امن و امان کی صورتحال کا تفصیلی جائزہ لیا گیا۔
21
پنجاب حکومت
وزیر داخلہ نے کہا کہ شہریوں کی جان و مال کا تحفظ ریاست کی ذمہ داری ہے اور کسی کو قانون ہاتھ میں لینے کی اجازت نہیں دی جائے گی۔ انہوں نے بتایا کہ شاہراہیں کھول دی گئی ہیں اور معمولات زندگی بحال ہو رہے ہیں۔
صوبائی حکومت نے ترقیاتی منصوبوں کے لیے اضافی فنڈز کی منظوری دے دی ہے جبکہ بلدیاتی اداروں کو صفائی ستھرائی کی مہم تیز کرنے کی ہدایت جاری کی گئی ہے۔ شہریوں نے اقدامات کا خیرمقدم کیا۔
عدالت نے کیس کی سماعت کے دوران فریقین کے وکلا کے دلائل سنے اور فیصلہ محفوظ کر لیا۔ عدالت کا کہنا تھا کہ آئندہ سماعت پر تمام ریکارڈ پیش کیا جائے تاکہ معاملے کو جلد نمٹایا جا سکے۔
محکمہ موسمیات کے مطابق آئندہ چند روز کے دوران ملک کے بیشتر علاقوں میں موسم سرد اور خشک رہے گا جبکہ بالائی علاقوں میں رات کے وقت شدید سردی کا امکان ہے۔ شہریوں کو احتیاط کی ہدایت کی گئی ہے۔
22
سوئی گیس
اسٹیٹ بینک کی جانب سے جاری اعداد و شمار کے مطابق زرمبادلہ کے ذخائر میں اضافہ ریکارڈ کیا گیا ہے۔ ماہرین کا کہنا ہے کہ معاشی اشاریوں میں بہتری کے آثار نمایاں ہیں۔
تعلیمی اداروں میں امتحانات کا شیڈول جاری کر دیا گیا ہے اور طلبہ کو ہدایت کی گئی ہے کہ وہ مقررہ تاریخ سے قبل داخلہ فارم جمع کرائیں۔ انتظامیہ نے امتحانی مراکز میں سخت انتظامات کا اعلان کیا ہے۔
اسلام آباد میں احتجاج کے دوران پیش آنے والے واقعات پر حکومت نے تحقیقات کا اعلان کیا ہے اور متعلقہ اداروں کو رپورٹ جمع کرانے کی ہدایت کی گئی ہے۔ ذرائع کے مطابق اجلاس میں امن و امان کی صورتحال کا تفصیلی جائزہ لیا گیا۔
وزیر داخلہ نے کہا کہ شہریوں کی جان و مال کا تحفظ ریاست کی ذمہ داری ہے اور کسی کو قانون ہاتھ میں لینے کی اجازت نہیں دی جائے گی۔ انہوں نے بتایا کہ شاہراہیں کھول دی گئی ہیں اور معمولات زندگی بحال ہو رہے ہیں۔
23
ٹیکس
صوبائی حکومت نے ترقیاتی منصوبوں کے لیے اضافی فنڈز کی منظوری دے دی ہے جبکہ بلدیاتی اداروں کو صفائی ستھرائی کی مہم تیز کرنے کی ہدایت جاری کی گئی ہے۔ شہریوں نے اقدامات کا خیرمقدم کیا۔
عدالت نے کیس کی سماعت کے دوران فریقین کے وکلا کے دلائل سنے اور فیصلہ محفوظ کر لیا۔ عدالت کا کہنا تھا کہ آئندہ سماعت پر تمام ریکارڈ پیش کیا جائے تاکہ معاملے کو جلد نمٹایا جا سکے۔
محکمہ موسمیات کے مطابق آئندہ چند روز کے دوران ملک کے بیشتر علاقوں میں موسم سرد اور خشک رہے گا جبکہ بالائی علاقوں میں رات کے وقت شدید سردی کا امکان ہے۔ شہریوں کو احتیاط کی ہدایت کی گئی ہے۔
اسٹیٹ بینک کی جانب سے جاری اعداد و شمار کے مطابق زرمبادلہ کے ذخائر میں اضافہ ریکارڈ کیا گیا ہے۔ ماہرین کا کہنا ہے کہ معاشی اشاریوں میں بہتری کے آثار نمایاں ہیں۔
24
ہڑتال
تعلیمی اداروں میں امتحانات کا شیڈول جاری کر دیا گیا ہے اور طلبہ کو ہدایت کی گئی ہے کہ وہ مقررہ تاریخ سے قبل داخلہ فارم جمع کرائیں۔ انتظامیہ نے امتحانی مراکز میں سخت انتظامات کا اعلان کیا ہے۔
اسلام آباد میں احتجاج کے دوران پیش آنے والے واقعات پر حکومت نے تحقیقات کا اعلان کیا ہے اور متعلقہ اداروں کو رپورٹ جمع کرانے کی ہدایت کی گئی ہے۔ ذرائع کے مطابق اجلاس میں امن و امان کی صورتحال کا تفصیلی جائزہ لیا گیا۔
وزیر داخلہ نے کہا کہ شہریوں کی جان و مال کا تحفظ ریاست کی ذمہ داری ہے اور کسی کو قانون ہاتھ میں لینے کی اجازت نہیں دی جائے گی۔ انہوں نے بتایا کہ شاہراہیں کھول دی گئی ہیں اور معمولات زندگی بحال ہو رہے ہیں۔
صوبائی حکومت نے ترقیاتی منصوبوں کے لیے اضافی فنڈز کی منظوری دے دی ہے جبکہ بلدیاتی اداروں کو صفائی ستھرائی کی مہم تیز کرنے کی ہدایت جاری کی گئی ہے۔ شہریوں نے اقدامات کا خیرمقدم کیا۔
25
مذاکرات
عدالت نے کیس کی سماعت کے دوران فریقین کے وکلا کے دلائل سنے اور فیصلہ محفوظ کر لیا۔ عدالت کا کہنا تھا کہ آئندہ سماعت پر تمام ریکارڈ پیش کیا جائے تاکہ معاملے کو جلد نمٹایا جا سکے۔
محکمہ موسمیات کے مطابق آئندہ چند روز کے دوران ملک کے بیشتر علاقوں میں موسم سرد اور خشک رہے گا جبکہ بالائی علاقوں میں رات کے وقت شدید سردی کا امکان ہے۔ شہریوں کو احتیاط کی ہدایت کی گئی ہے۔
اسٹیٹ بینک کی جانب سے جاری اعداد و شمار کے مطابق زرمبادلہ کے ذخائر میں اضافہ ریکارڈ کیا گیا ہے۔ ماہرین کا کہنا ہے کہ معاشی اشاریوں میں بہتری کے آثار نمایاں ہیں۔
تعلیمی اداروں میں امتحانات کا شیڈول جاری کر دیا گیا ہے اور طلبہ کو ہدایت کی گئی ہے کہ وہ مقررہ تاریخ سے قبل داخلہ فارم جمع کرائیں۔ انتظامیہ نے امتحانی مراکز میں سخت انتظامات کا اعلان کیا ہے۔
اسلام آباد میں احتجاج کے دوران پیش آنے والے واقعات پر حکومت نے تحقیقات کا اعلان کیا ہے اور متعلقہ اداروں کو رپورٹ جمع کرانے کی ہدایت کی گئی ہے۔ ذرائع کے مطابق اجلاس میں امن و امان کی صورتحال کا تفصیلی جائزہ لیا گیا۔
وزیر داخلہ نے کہا کہ شہریوں کی جان و مال کا تحفظ ریاست کی ذمہ داری ہے اور کسی کو قانون ہاتھ میں لینے کی اجازت نہیں دی جائے گی۔ انہوں نے بتایا کہ شاہراہیں کھول دی گئی ہیں اور معمولات زندگی بحال ہو رہے ہیں۔
صوبائی حکومت نے ترقیاتی منصوبوں کے لیے اضافی فنڈز کی منظوری دے دی ہے جبکہ بلدیاتی اداروں کو صفائی ستھرائی کی مہم تیز کرنے کی ہدایت جاری کی گئی ہے۔ شہریوں نے اقدامات کا خیرمقدم کیا۔
عدالت نے کیس کی سماعت کے دوران فریقین کے وکلا کے دلائل سنے اور فیصلہ محفوظ کر لیا۔ عدالت کا کہنا تھا کہ آئندہ سماعت پر تمام ریکارڈ پیش کیا جائے تاکہ معاملے کو جلد نمٹایا جا سکے۔
محکمہ موسمیات کے مطابق آئندہ چند روز کے دوران ملک کے بیشتر علاقوں میں موسم سرد اور خشک رہے گا جبکہ بالائی علاقوں میں رات کے وقت شدید سردی کا امکان ہے۔ شہریوں کو احتیاط کی ہدایت کی گئی ہے۔
اسٹیٹ بینک کی جانب سے جاری اعداد و شمار کے مطابق زرمبادلہ کے ذخائر میں اضافہ ریکارڈ کیا گیا ہے۔ ماہرین کا کہنا ہے کہ معاشی اشاریوں میں بہتری کے آثار نمایاں ہیں۔
تعلیمی اداروں میں امتحانات کا شیڈول جاری کر دیا گیا ہے اور طلبہ کو ہدایت کی گئی ہے کہ وہ مقررہ تاریخ سے قبل داخلہ فارم جمع کرائیں۔ انتظامیہ نے امتحانی مراکز میں سخت انتظامات کا اعلان کیا ہے۔
اسلام آباد میں احتجاج کے دوران پیش آنے والے واقعات پر حکومت نے تحقیقات کا اعلان کیا ہے اور متعلقہ اداروں کو رپورٹ جمع کرانے کی ہدایت کی گئی ہے۔ ذرائع کے مطابق اجلاس میں امن و امان کی صورتحال کا تفصیلی جائزہ لیا گیا۔
وزیر داخلہ نے کہا کہ شہریوں کی جان و مال کا تحفظ ریاست کی ذمہ داری ہے اور کسی کو قانون ہاتھ میں لینے کی اجازت نہیں دی جائے گی۔ انہوں نے بتایا کہ شاہراہیں کھول دی گئی ہیں اور معمولات زندگی بحال ہو رہے ہیں۔
صوبائی حکومت نے ترقیاتی منصوبوں کے لیے اضافی فنڈز کی منظوری دے دی ہے جبکہ بلدیاتی اداروں کو صفائی ستھرائی کی مہم تیز کرنے کی ہدایت جاری کی گئی ہے۔ شہریوں نے اقدامات کا خیرمقدم کیا۔
عدالت نے کیس کی سماعت کے دوران فریقین کے وکلا کے دلائل سنے اور فیصلہ محفوظ کر لیا۔ عدالت کا کہنا تھا کہ آئندہ سماعت پر تمام ریکارڈ پیش کیا جائے تاکہ معاملے کو جلد نمٹایا جا سکے۔
محکمہ موسمیات کے مطابق آئندہ چند روز کے دوران ملک کے بیشتر علاقوں میں موسم سرد اور خشک رہے گا جبکہ بالائی علاقوں میں رات کے وقت شدید سردی کا امکان ہے۔ شہریوں کو احتیاط کی ہدایت کی گئی ہے۔
اسٹیٹ بینک کی جانب سے جاری اعداد و شمار کے مطابق زرمبادلہ کے ذخائر میں اضافہ ریکارڈ کیا گیا ہے۔ ماہرین کا کہنا ہے کہ معاشی اشاریوں میں بہتری کے آثار نمایاں ہیں۔
تعلیمی اداروں میں امتحانات کا شیڈول جاری کر دیا گیا ہے اور طلبہ کو ہدایت کی گئی ہے کہ وہ مقررہ تاریخ سے قبل داخلہ فارم جمع کرائیں۔ انتظامیہ نے امتحانی مراکز میں سخت انتظامات کا اعلان کیا ہے۔
اسلام آباد میں احتجاج کے دوران پیش آنے والے واقعات پر حکومت نے تحقیقات کا اعلان کیا ہے اور متعلقہ اداروں کو رپورٹ جمع کرانے کی ہدایت کی گئی ہے۔ ذرائع کے مطابق اجلاس میں امن و امان کی صورتحال کا تفصیلی جائزہ لیا گیا۔
26
صوبائی اسمبلی
وزیر داخلہ نے کہا کہ شہریوں کی جان و مال کا تحفظ ریاست کی ذمہ داری ہے اور کسی کو قانون ہاتھ میں لینے کی اجازت نہیں دی جائے گی۔ انہوں نے بتایا کہ شاہراہیں کھول دی گئی ہیں اور معمولات زندگی بحال ہو رہے ہیں۔
صوبائی حکومت نے ترقیاتی منصوبوں کے لیے اضافی فنڈز کی منظوری دے دی ہے جبکہ بلدیاتی اداروں کو صفائی ستھرائی کی مہم تیز کرنے کی ہدایت جاری کی گئی ہے۔ شہریوں نے اقدامات کا خیرمقدم کیا۔
عدالت نے کیس کی سماعت کے دوران فریقین کے وکلا کے دلائل سنے اور فیصلہ محفوظ کر لیا۔ عدالت کا کہنا تھا کہ آئندہ سماعت پر تمام ریکارڈ پیش کیا جائے تاکہ معاملے کو جلد نمٹایا جا سکے۔
محکمہ موسمیات کے مطابق آئندہ چند روز کے دوران ملک کے بیشتر علاقوں میں موسم سرد اور خشک رہے گا جبکہ بالائی علاقوں میں رات کے وقت شدید سردی کا امکان ہے۔ شہریوں کو احتیاط کی ہدایت کی گئی ہے۔
27
عدالت
اسٹیٹ بینک کی جانب سے جاری اعداد و شمار کے مطابق زرمبادلہ کے ذخائر میں اضافہ ریکارڈ کیا گیا ہے۔ ماہرین کا کہنا ہے کہ معاشی اشاریوں میں بہتری کے آثار نمایاں ہیں۔
تعلیمی اداروں میں امتحانات کا شیڈول جاری کر دیا گیا ہے اور طلبہ کو ہدایت کی گئی ہے کہ وہ مقررہ تاریخ سے قبل داخلہ فارم جمع کرائیں۔ انتظامیہ نے امتحانی مراکز میں سخت انتظامات کا اعلان کیا ہے۔
اسلام آباد میں احتجاج کے دوران پیش آنے والے واقعات پر حکومت نے تحقیقات کا اعلان کیا ہے اور متعلقہ اداروں کو رپورٹ جمع کرانے کی ہدایت کی گئی ہے۔ ذرائع کے مطابق اجلاس میں امن و امان کی صورتحال کا تفصیلی جائزہ لیا گیا۔
وزیر داخلہ نے کہا کہ شہریوں کی جان و مال کا تحفظ ریاست کی ذمہ داری ہے اور کسی کو قانون ہاتھ میں لینے کی اجازت نہیں دی جائے گی۔ انہوں نے بتایا کہ شاہراہیں کھول دی گئی ہیں اور معمولات زندگی بحال ہو رہے ہیں۔
28
فوجی عدالت
صوبائی حکومت نے ترقیاتی منصوبوں کے لیے اضافی فنڈز کی منظوری دے دی ہے جبکہ بلدیاتی اداروں کو صفائی ستھرائی کی مہم تیز کرنے کی ہدایت جاری کی گئی ہے۔ شہریوں نے اقدامات کا خیرمقدم کیا۔
عدالت نے کیس کی سماعت کے دوران فریقین کے وکلا کے دلائل سنے اور فیصلہ محفوظ کر لیا۔ عدالت کا کہنا تھا کہ آئندہ سماعت پر تمام ریکارڈ پیش کیا جائے تاکہ معاملے کو جلد نمٹایا جا سکے۔
محکمہ موسمیات کے مطابق آئندہ چند روز کے دوران ملک کے بیشتر علاقوں میں موسم سرد اور خشک رہے گا جبکہ بالائی علاقوں میں رات کے وقت شدید سردی کا امکان ہے۔ شہریوں کو احتیاط کی ہدایت کی گئی ہے۔
اسٹیٹ بینک کی جانب سے جاری اعداد و شمار کے مطابق زرمبادلہ کے ذخائر میں اضافہ ریکارڈ کیا گیا ہے۔ ماہرین کا کہنا ہے کہ معاشی اشاریوں میں بہتری کے آثار نمایاں ہیں۔
29
ملاقات
تعلیمی اداروں میں امتحانات کا شیڈول جاری کر دیا گیا ہے اور طلبہ کو ہدایت کی گئی ہے کہ وہ مقررہ تاریخ سے قبل داخلہ فارم جمع کرائیں۔ انتظامیہ نے امتحانی مراکز میں سخت انتظامات کا اعلان کیا ہے۔
اسلام آباد میں احتجاج کے دوران پیش آنے والے واقعات پر حکومت نے تحقیقات کا اعلان کیا ہے اور متعلقہ اداروں کو رپورٹ جمع کرانے کی ہدایت کی گئی ہے۔ ذرائع کے مطابق اجلاس میں امن و امان کی صورتحال کا تفصیلی جائزہ لیا گیا۔
وزیر داخلہ نے کہا کہ شہریوں کی جان و مال کا تحفظ ریاست کی ذمہ داری ہے اور کسی کو قانون ہاتھ میں لینے کی اجازت نہیں دی جائے گی۔ انہوں نے بتایا کہ شاہراہیں کھول دی گئی ہیں اور معمولات زندگی بحال ہو رہے ہیں۔
صوبائی حکومت نے ترقیاتی منصوبوں کے لیے اضافی فنڈز کی منظوری دے دی ہے جبکہ بلدیاتی اداروں کو صفائی ستھرائی کی مہم تیز کرنے کی ہدایت جاری کی گئی ہے۔ شہریوں نے اقدامات کا خیرمقدم کیا۔
عدالت نے کیس کی سماعت کے دوران فریقین کے وکلا کے دلائل سنے اور فیصلہ محفوظ کر لیا۔ عدالت کا کہنا تھا کہ آئندہ سماعت پر تمام ریکارڈ پیش کیا جائے تاکہ معاملے کو جلد نمٹایا جا سکے۔
محکمہ موسمیات کے مطابق آئندہ چند روز کے دوران ملک کے بیشتر علاقوں میں موسم سرد اور خشک رہے گا جبکہ بالائی علاقوں میں رات کے وقت شدید سردی کا امکان ہے۔ شہریوں کو احتیاط کی ہدایت کی گئی ہے۔
اسٹیٹ بینک کی جانب سے جاری اعداد و شمار کے مطابق زرمبادلہ کے ذخائر میں اضافہ ریکارڈ کیا گیا ہے۔ ماہرین کا کہنا ہے کہ معاشی اشاریوں میں بہتری کے آثار نمایاں ہیں۔
تعلیمی اداروں میں امتحانات کا شیڈول جاری کر دیا گیا ہے اور طلبہ کو ہدایت کی گئی ہے کہ وہ مقررہ تاریخ سے قبل داخلہ فارم جمع کرائیں۔ انتظامیہ نے امتحانی مراکز میں سخت انتظامات کا اعلان کیا ہے۔
اسلام آباد میں احتجاج کے دوران پیش آنے والے واقعات پر حکومت نے تحقیقات کا اعلان کیا ہے اور متعلقہ اداروں کو رپورٹ جمع کرانے کی ہدایت کی گئی ہے۔ ذرائع کے مطابق اجلاس میں امن و امان کی صورتحال کا تفصیلی جائزہ لیا گیا۔
وزیر داخلہ نے کہا کہ شہریوں کی جان و مال کا تحفظ ریاست کی ذمہ داری ہے اور کسی کو قانون ہاتھ میں لینے کی اجازت نہیں دی جائے گی۔ انہوں نے بتایا کہ شاہراہیں کھول دی گئی ہیں اور معمولات زندگی بحال ہو رہے ہیں۔
صوبائی حکومت نے ترقیاتی منصوبوں کے لیے اضافی فنڈز کی منظوری دے دی ہے جبکہ بلدیاتی اداروں کو صفائی ستھرائی کی مہم تیز کرنے کی ہدایت جاری کی گئی ہے۔ شہریوں نے اقدامات کا خیرمقدم کیا۔
عدالت نے کیس کی سماعت کے دوران فریقین کے وکلا کے دلائل سنے اور فیصلہ محفوظ کر لیا۔ عدالت کا کہنا تھا کہ آئندہ سماعت پر تمام ریکارڈ پیش کیا جائے تاکہ معاملے کو جلد نمٹایا جا سکے۔
محکمہ موسمیات کے مطابق آئندہ چند روز کے دوران ملک کے بیشتر علاقوں میں موسم سرد اور خشک رہے گا جبکہ بالائی علاقوں میں رات کے وقت شدید سردی کا امکان ہے۔ شہریوں کو احتیاط کی ہدایت کی گئی ہے۔
اسٹیٹ بینک کی جانب سے جاری اعداد و شمار کے مطابق زرمبادلہ کے ذخائر میں اضافہ ریکارڈ کیا گیا ہے۔ ماہرین کا کہنا ہے کہ معاشی اشاریوں میں بہتری کے آثار نمایاں ہیں۔
تعلیمی اداروں میں امتحانات کا شیڈول جاری کر دیا گیا ہے اور طلبہ کو ہدایت کی گئی ہے کہ وہ مقررہ تاریخ سے قبل داخلہ فارم جمع کرائیں۔ انتظامیہ نے امتحانی مراکز میں سخت انتظامات کا اعلان کیا ہے۔
اسلام آباد میں احتجاج کے دوران پیش آنے والے واقعات پر حکومت نے تحقیقات کا اعلان کیا ہے اور متعلقہ اداروں کو رپورٹ جمع کرانے کی ہدایت کی گئی ہے۔ ذرائع کے مطابق اجلاس میں امن و امان کی صورتحال کا تفصیلی جائزہ لیا گیا۔
وزیر داخلہ نے کہا کہ شہریوں کی جان و مال کا تحفظ ریاست کی ذمہ داری ہے اور کسی کو قانون ہاتھ میں لینے کی اجازت نہیں دی جائے گی۔ انہوں نے بتایا کہ شاہراہیں کھول دی گئی ہیں اور معمولات زندگی بحال ہو رہے ہیں۔
صوبائی حکومت نے ترقیاتی منصوبوں کے لیے اضافی فنڈز کی منظوری دے دی ہے جبکہ بلدیاتی اداروں کو صفائی ستھرائی کی مہم تیز کرنے کی ہدایت جاری کی گئی ہے۔ شہریوں نے اقدامات کا خیرمقدم کیا۔
عدالت نے کیس کی سماعت کے دوران فریقین کے وکلا کے دلائل سنے اور فیصلہ محفوظ کر لیا۔ عدالت کا کہنا تھا کہ آئندہ سماعت پر تمام ریکارڈ پیش کیا جائے تاکہ معاملے کو جلد نمٹایا جا سکے۔
آخری سرے تک پاپی نہیں پہنچا
30
بیان
محکمہ موسمیات کے مطابق آئندہ چند روز کے دوران ملک کے بیشتر علاقوں میں موسم سرد اور خشک رہے گا جبکہ بالائی علاقوں میں رات کے وقت شدید سردی کا امکان ہے۔ شہریوں کو احتیاط کی ہدایت کی گئی ہے۔
اسٹیٹ بینک کی جانب سے جاری اعداد و شمار کے مطابق زرمبادلہ کے ذخائر میں اضافہ ریکارڈ کیا گیا ہے۔ ماہرین کا کہنا ہے کہ معاشی اشاریوں میں بہتری کے آثار نمایاں ہیں۔
تعلیمی اداروں میں امتحانات کا شیڈول جاری کر دیا گیا ہے اور طلبہ کو ہدایت کی گئی ہے کہ وہ مقررہ تاریخ سے قبل داخلہ فارم جمع کرائیں۔ انتظامیہ نے امتحانی مراکز میں سخت انتظامات کا اعلان کیا ہے۔
اسلام آباد میں احتجاج کے دوران پیش آنے والے واقعات پر حکومت نے تحقیقات کا اعلان کیا ہے اور متعلقہ اداروں کو رپورٹ جمع کرانے کی ہدایت کی گئی ہے۔ ذرائع کے مطابق اجلاس میں امن و امان کی صورتحال کا تفصیلی جائزہ لیا گیا۔
31
صنعت کا جائزہ
وزیر داخلہ نے کہا کہ شہریوں کی جان و مال کا تحفظ ریاست کی ذمہ داری ہے اور کسی کو قانون ہاتھ میں لینے کی اجازت نہیں دی جائے گی۔ انہوں نے بتایا کہ شاہراہیں کھول دی گئی ہیں اور معمولات زندگی بحال ہو رہے ہیں۔
صوبائی حکومت نے ترقیاتی منصوبوں کے لیے اضافی فنڈز کی منظوری دے دی ہے جبکہ بلدیاتی اداروں کو صفائی ستھرائی کی مہم تیز کرنے کی ہدایت جاری کی گئی ہے۔ شہریوں نے اقدامات کا خیرمقدم کیا۔
عدالت نے کیس کی سماعت کے دوران فریقین کے وکلا کے دلائل سنے اور فیصلہ محفوظ کر لیا۔ عدالت کا کہنا تھا کہ آئندہ سماعت پر تمام ریکارڈ پیش کیا جائے تاکہ معاملے کو جلد نمٹایا جا سکے۔
محکمہ موسمیات کے مطابق آئندہ چند روز کے دوران ملک کے بیشتر علاقوں میں موسم سرد اور خشک رہے گا جبکہ بالائی علاقوں میں رات کے وقت شدید سردی کا امکان ہے۔ شہریوں کو احتیاط کی ہدایت کی گئی ہے۔
32
تعلیم
اسٹیٹ بینک کی جانب سے جاری اعداد و شمار کے مطابق زرمبادلہ کے ذخائر میں اضافہ ریکارڈ کیا گیا ہے۔ ماہرین کا کہنا ہے کہ معاشی اشاریوں میں بہتری کے آثار نمایاں ہیں۔
تعلیمی اداروں میں امتحانات کا شیڈول جاری کر دیا گیا ہے اور طلبہ کو ہدایت کی گئی ہے کہ وہ مقررہ تاریخ سے قبل داخلہ فارم جمع کرائیں۔ انتظامیہ نے امتحانی مراکز میں سخت انتظامات کا اعلان کیا ہے۔
اسلام آباد میں احتجاج کے دوران پیش آنے والے واقعات پر حکومت نے تحقیقات کا اعلان کیا ہے اور متعلقہ اداروں کو رپورٹ جمع کرانے کی ہدایت کی گئی ہے۔ ذرائع کے مطابق اجلاس میں امن و امان کی صورتحال کا تفصیلی جائزہ لیا گیا۔
وزیر داخلہ نے کہا کہ شہریوں کی جان و مال کا تحفظ ریاست کی ذمہ داری ہے اور کسی کو قانون ہاتھ میں لینے کی اجازت نہیں دی جائے گی۔ انہوں نے بتایا کہ شاہراہیں کھول دی گئی ہیں اور معمولات زندگی بحال ہو رہے ہیں۔
33
جنرل عاصم
صوبائی حکومت نے ترقیاتی منصوبوں کے لیے اضافی فنڈز کی منظوری دے دی ہے جبکہ بلدیاتی اداروں کو صفائی ستھرائی کی مہم تیز کرنے کی ہدایت جاری کی گئی ہے۔ شہریوں نے اقدامات کا خیرمقدم کیا۔
عدالت نے کیس کی سماعت کے دوران فریقین کے وکلا کے دلائل سنے اور فیصلہ محفوظ کر لیا۔ عدالت کا کہنا تھا کہ آئندہ سماعت پر تمام ریکارڈ پیش کیا جائے تاکہ معاملے کو جلد نمٹایا جا سکے۔
محکمہ موسمیات کے مطابق آئندہ چند روز کے دوران ملک کے بیشتر علاقوں میں موسم سرد اور خشک رہے گا جبکہ بالائی علاقوں میں رات کے وقت شدید سردی کا امکان ہے۔ شہریوں کو احتیاط کی ہدایت کی گئی ہے۔
اسٹیٹ بینک کی جانب سے جاری اعداد و شمار کے مطابق زرمبادلہ کے ذخائر میں اضافہ ریکارڈ کیا گیا ہے۔ ماہرین کا کہنا ہے کہ معاشی اشاریوں میں بہتری کے آثار نمایاں ہیں۔
34
انکوائری
تعلیمی اداروں میں امتحانات کا شیڈول جاری کر دیا گیا ہے اور طلبہ کو ہدایت کی گئی ہے کہ وہ مقررہ تاریخ سے قبل داخلہ فارم جمع کرائیں۔ انتظامیہ نے امتحانی مراکز میں سخت انتظامات کا اعلان کیا ہے۔
اسلام آباد میں احتجاج کے دوران پیش آنے والے واقعات پر حکومت نے تحقیقات کا اعلان کیا ہے اور متعلقہ اداروں کو رپورٹ جمع کرانے کی ہدایت کی گئی ہے۔ ذرائع کے مطابق اجلاس میں امن و امان کی صورتحال کا تفصیلی جائزہ لیا گیا۔
وزیر داخلہ نے کہا کہ شہریوں کی جان و مال کا تحفظ ریاست کی ذمہ داری ہے اور کسی کو قانون ہاتھ میں لینے کی اجازت نہیں دی جائے گی۔ انہوں نے بتایا کہ شاہراہیں کھول دی گئی ہیں اور معمولات زندگی بحال ہو رہے ہیں۔
صوبائی حکومت نے ترقیاتی منصوبوں کے لیے اضافی فنڈز کی منظوری دے دی ہے جبکہ بلدیاتی اداروں کو صفائی ستھرائی کی مہم تیز کرنے کی ہدایت جاری کی گئی ہے۔ شہریوں نے اقدامات کا خیرمقدم کیا۔
عدالت نے کیس کی سماعت کے دوران فریقین کے وکلا کے دلائل سنے اور فیصلہ محفوظ کر لیا۔ عدالت کا کہنا تھا کہ آئندہ سماعت پر تمام ریکارڈ پیش کیا جائے تاکہ معاملے کو جلد نمٹایا جا سکے۔
محکمہ موسمیات کے مطابق آئندہ چند روز کے دوران ملک کے بیشتر علاقوں میں موسم سرد اور خشک رہے گا جبکہ بالائی علاقوں میں رات کے وقت شدید سردی کا امکان ہے۔ شہریوں کو احتیاط کی ہدایت کی گئی ہے۔
اسٹیٹ بینک کی جانب سے جاری اعداد و شمار کے مطابق زرمبادلہ کے ذخائر میں اضافہ ریکارڈ کیا گیا ہے۔ ماہرین کا کہنا ہے کہ معاشی اشاریوں میں بہتری کے آثار نمایاں ہیں۔
تعلیمی اداروں میں امتحانات کا شیڈول جاری کر دیا گیا ہے اور طلبہ کو ہدایت کی گئی ہے کہ وہ مقررہ تاریخ سے قبل داخلہ فارم جمع کرائیں۔ انتظامیہ نے امتحانی مراکز میں سخت انتظامات کا اعلان کیا ہے۔
اسلام آباد میں احتجاج کے دوران پیش آنے والے واقعات پر حکومت نے تحقیقات کا اعلان کیا ہے اور متعلقہ اداروں کو رپورٹ جمع کرانے کی ہدایت کی گئی ہے۔ ذرائع کے مطابق اجلاس میں امن و امان کی صورتحال کا تفصیلی جائزہ لیا گیا۔
وزیر داخلہ نے کہا کہ شہریوں کی جان و مال کا تحفظ ریاست کی ذمہ داری ہے اور کسی کو قانون ہاتھ میں لینے کی اجازت نہیں دی جائے گی۔ انہوں نے بتایا کہ شاہراہیں کھول دی گئی ہیں اور معمولات زندگی بحال ہو رہے ہیں۔
صوبائی حکومت نے ترقیاتی منصوبوں کے لیے اضافی فنڈز کی منظوری دے دی ہے جبکہ بلدیاتی اداروں کو صفائی ستھرائی کی مہم تیز کرنے کی ہدایت جاری کی گئی ہے۔ شہریوں نے اقدامات کا خیرمقدم کیا۔
عدالت نے کیس کی سماعت کے دوران فریقین کے وکلا کے دلائل سنے اور فیصلہ محفوظ کر لیا۔ عدالت کا کہنا تھا کہ آئندہ سماعت پر تمام ریکارڈ پیش کیا جائے تاکہ معاملے کو جلد نمٹایا جا سکے۔
محکمہ موسمیات کے مطابق آئندہ چند روز کے دوران ملک کے بیشتر علاقوں میں موسم سرد اور خشک رہے گا جبکہ بالائی علاقوں میں رات کے وقت شدید سردی کا امکان ہے۔ شہریوں کو احتیاط کی ہدایت کی گئی ہے۔
اسٹیٹ بینک کی جانب سے جاری اعداد و شمار کے مطابق زرمبادلہ کے ذخائر میں اضافہ ریکارڈ کیا گیا ہے۔ ماہرین کا کہنا ہے کہ معاشی اشاریوں میں بہتری کے آثار نمایاں ہیں۔
تعلیمی اداروں میں امتحانات کا شیڈول جاری کر دیا گیا ہے اور طلبہ کو ہدایت کی گئی ہے کہ وہ مقررہ تاریخ سے قبل داخلہ فارم جمع کرائیں۔ انتظامیہ نے امتحانی مراکز میں سخت انتظامات کا اعلان کیا ہے۔
اسلام آباد میں احتجاج کے دوران پیش آنے والے واقعات پر حکومت نے تحقیقات کا اعلان کیا ہے اور متعلقہ اداروں کو رپورٹ جمع کرانے کی ہدایت کی گئی ہے۔ ذرائع کے مطابق اجلاس میں امن و امان کی صورتحال کا تفصیلی جائزہ لیا گیا۔
وزیر داخلہ نے کہا کہ شہریوں کی جان و مال کا تحفظ ریاست کی ذمہ داری ہے اور کسی کو قانون ہاتھ میں لینے کی اجازت نہیں دی جائے گی۔ انہوں نے بتایا کہ شاہراہیں کھول دی گئی ہیں اور معمولات زندگی بحال ہو رہے ہیں۔
صوبائی حکومت نے ترقیاتی منصوبوں کے لیے اضافی فنڈز کی منظوری دے دی ہے جبکہ بلدیاتی اداروں کو صفائی ستھرائی کی مہم تیز کرنے کی ہدایت جاری کی گئی ہے۔ شہریوں نے اقدامات کا خیرمقدم کیا۔
میانمار کی فوجی حکومت سربراہ کے بھی وارنٹ
عالمی عدالت انصاف نے جاری کئے - روہنگیا مسلمانوں پر ظلم کا الزام ہے
